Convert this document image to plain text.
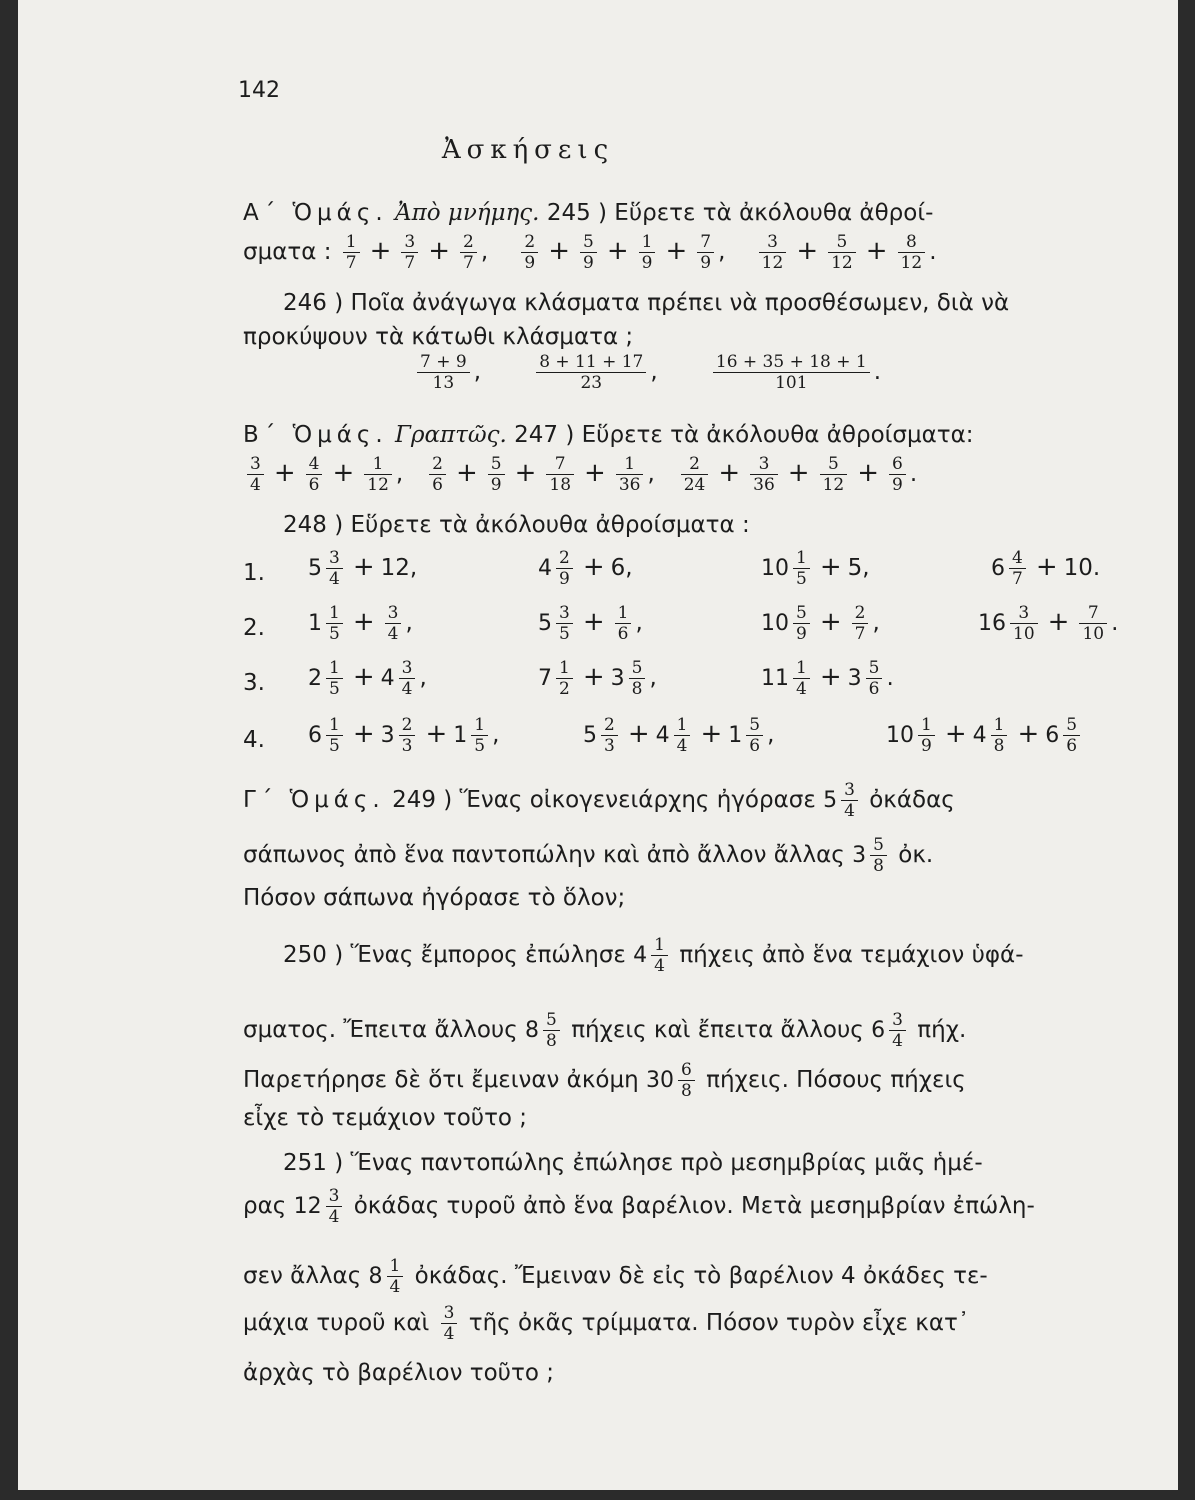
142
Ἀσκήσεις
Α΄ Ὁμάς. Ἀπὸ μνήμης. 245 ) Εὕρετε τὰ ἀκόλουθα ἀθροί-
σματα : $\frac{1}{7} + \frac{3}{7} + \frac{2}{7}$ , $\frac{2}{9} + \frac{5}{9} + \frac{1}{9} + \frac{7}{9}$ , $\frac{3}{12} + \frac{5}{12} + \frac{8}{12}$ .
246 ) Ποῖα ἀνάγωγα κλάσματα πρέπει νὰ προσθέσωμεν, διὰ νὰ
προκύψουν τὰ κάτωθι κλάσματα ;
$\frac{7 + 9}{13}$ , $\frac{8 + 11 + 17}{23}$ , $\frac{16 + 35 + 18 + 1}{101}$ .
Β΄ Ὁμάς. Γραπτῶς. 247 ) Εὕρετε τὰ ἀκόλουθα ἀθροίσματα:
$\frac{3}{4} + \frac{4}{6} + \frac{1}{12}$ , $\frac{2}{6} + \frac{5}{9} + \frac{7}{18} + \frac{1}{36}$ , $\frac{2}{24} + \frac{3}{36} + \frac{5}{12} + \frac{6}{9}$ .
248 ) Εὕρετε τὰ ἀκόλουθα ἀθροίσματα :
1. $5 \frac{3}{4} + 12$,	$4 \frac{2}{9} + 6$,	$10 \frac{1}{5} + 5$,	$6 \frac{4}{7} + 10$.
2. $1 \frac{1}{5} + \frac{3}{4}$ ,	$5 \frac{3}{5} + \frac{1}{6}$ ,	$10 \frac{5}{9} + \frac{2}{7}$ ,	$16 \frac{3}{10} + \frac{7}{10}$ .
3. $2 \frac{1}{5} + 4 \frac{3}{4}$ ,	$7 \frac{1}{2} + 3 \frac{5}{8}$ ,	$11 \frac{1}{4} + 3 \frac{5}{6}$ .
4. $6 \frac{1}{5} + 3 \frac{2}{3} + 1 \frac{1}{5}$ ,	$5 \frac{2}{3} + 4 \frac{1}{4} + 1 \frac{5}{6}$ ,	$10 \frac{1}{9} + 4 \frac{1}{8} + 6 \frac{5}{6}$
Γ΄ Ὁμάς. 249 ) Ἕνας οἰκογενειάρχης ἠγόρασε $5 \frac{3}{4}$ ὀκάδας
σάπωνος ἀπὸ ἕνα παντοπώλην καὶ ἀπὸ ἄλλον ἄλλας $3 \frac{5}{8}$ ὀκ.
Πόσον σάπωνα ἠγόρασε τὸ ὅλον;
250 ) Ἕνας ἔμπορος ἐπώλησε $4 \frac{1}{4}$ πήχεις ἀπὸ ἕνα τεμάχιον ὑφά-
σματος. Ἔπειτα ἄλλους $8 \frac{5}{8}$ πήχεις καὶ ἔπειτα ἄλλους $6 \frac{3}{4} \pi ή\chi$.
Παρετήρησε δὲ ὅτι ἔμειναν ἀκόμη $30 \frac{6}{8} \pi ή\chi\varepsilon\iota\varsigma$. Πόσους πήχεις
εἶχε τὸ τεμάχιον τοῦτο ;
251 ) Ἕνας παντοπώλης ἐπώλησε πρὸ μεσημβρίας μιᾶς ἡμέ-
ρας $12 \frac{3}{4}$ ὀκάδας τυροῦ ἀπὸ ἕνα βαρέλιον. Μετὰ μεσημβρίαν ἐπώλη-
σεν ἄλλας $8 \frac{1}{4}$ ὀκάδας. Ἔμειναν δὲ εἰς τὸ βαρέλιον 4 ὀκάδες τε-
μάχια τυροῦ καὶ $\frac{3}{4}$ τῆς ὀκᾶς τρίμματα. Πόσον τυρὸν εἶχε κατ᾽
ἀρχὰς τὸ βαρέλιον τοῦτο ;
